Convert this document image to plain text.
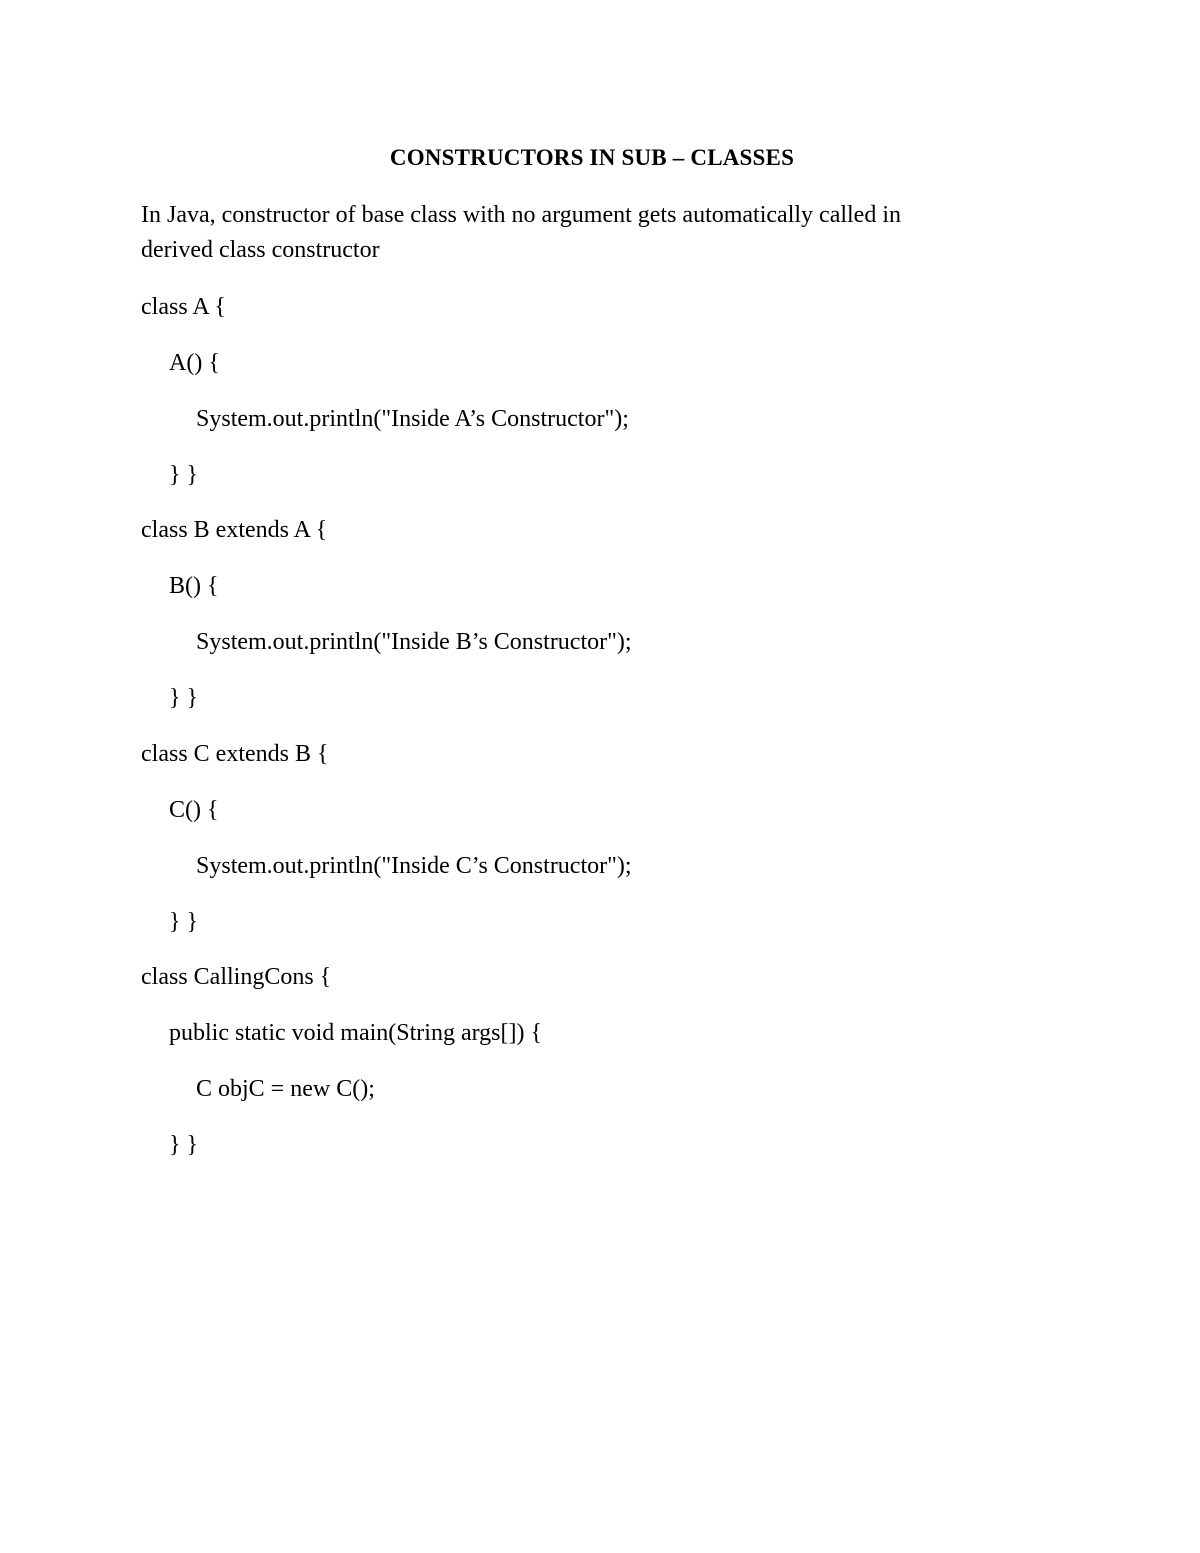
CONSTRUCTORS IN SUB – CLASSES
In Java, constructor of base class with no argument gets automatically called in
derived class constructor
class A {
A() {
System.out.println("Inside A’s Constructor");
} }
class B extends A {
B() {
System.out.println("Inside B’s Constructor");
} }
class C extends B {
C() {
System.out.println("Inside C’s Constructor");
} }
class CallingCons {
public static void main(String args[]) {
C objC = new C();
} }
